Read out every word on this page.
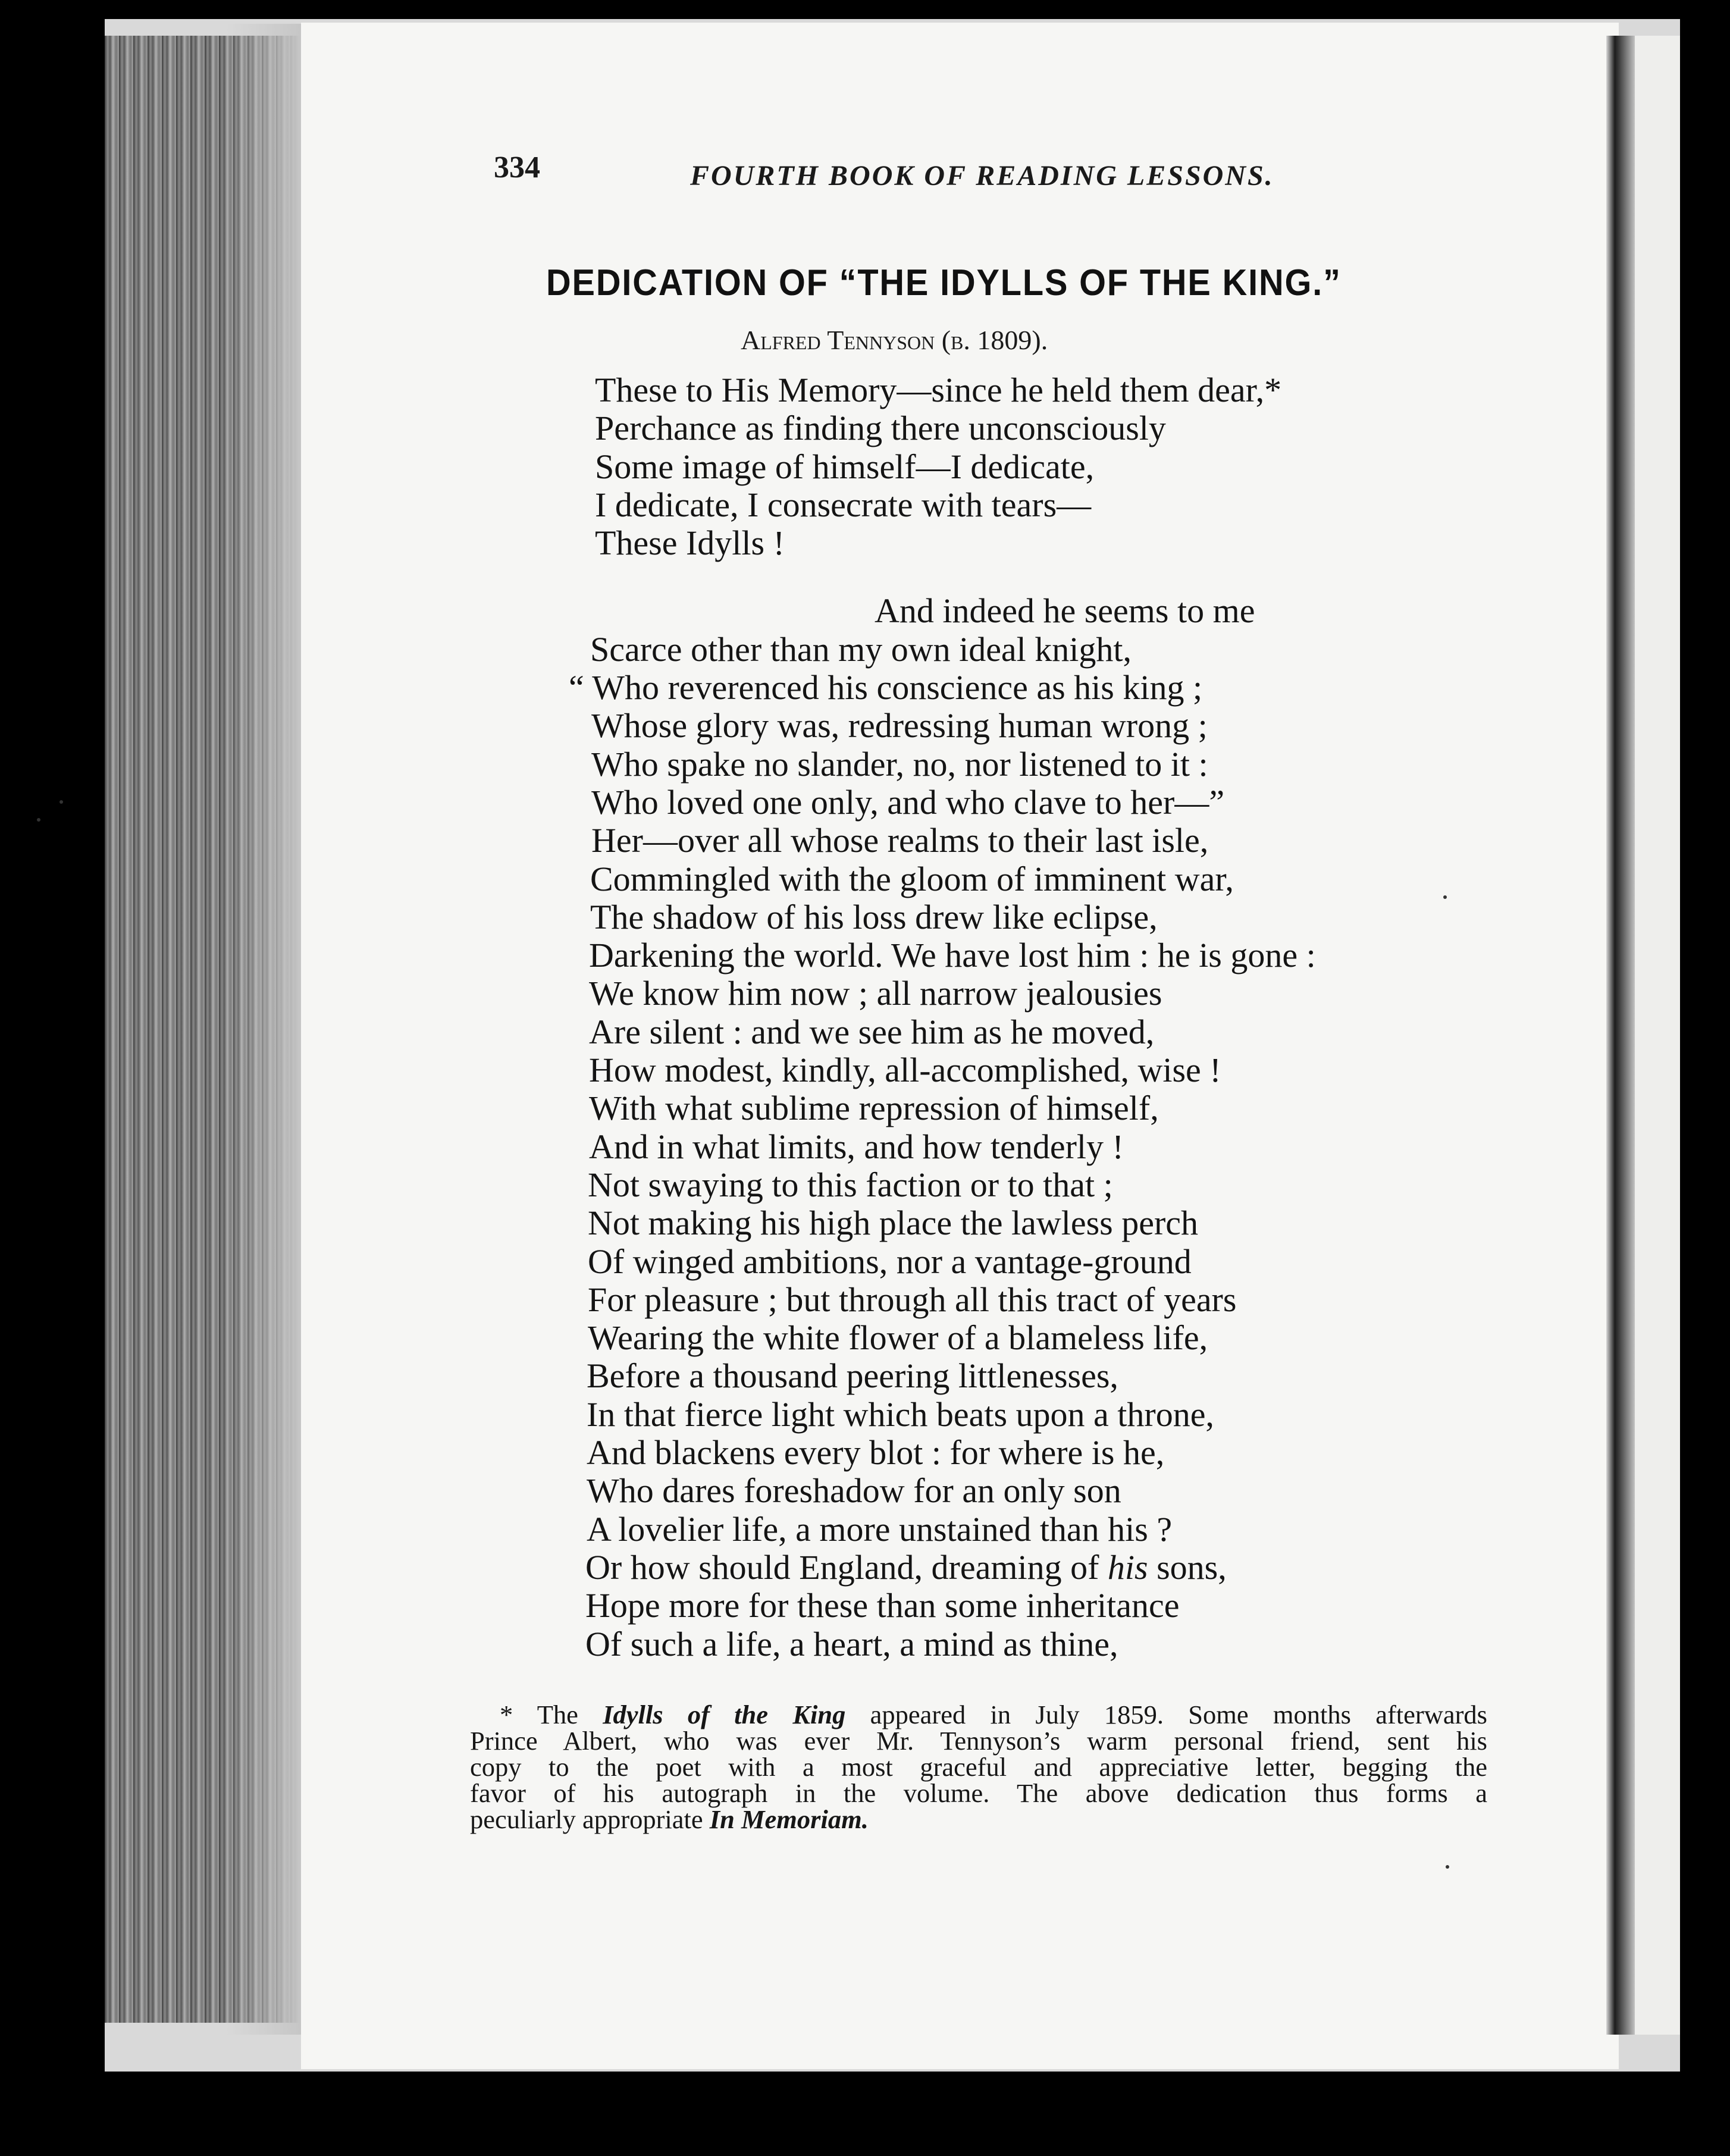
334	FOURTH BOOK OF READING LESSONS.
DEDICATION OF “THE IDYLLS OF THE KING.”

Alfred Tennyson (b. 1809).

These to His Memory—since he held them dear,*
Perchance as finding there unconsciously
Some image of himself—I dedicate,
I dedicate, I consecrate with tears—
These Idylls !
And indeed he seems to me
Scarce other than my own ideal knight,
“ Who reverenced his conscience as his king ;
Whose glory was, redressing human wrong ;
Who spake no slander, no, nor listened to it :
Who loved one only, and who clave to her—”
Her—over all whose realms to their last isle,
Commingled with the gloom of imminent war,
The shadow of his loss drew like eclipse,
Darkening the world. We have lost him : he is gone :
We know him now ; all narrow jealousies
Are silent : and we see him as he moved,
How modest, kindly, all-accomplished, wise !
With what sublime repression of himself,
And in what limits, and how tenderly !
Not swaying to this faction or to that ;
Not making his high place the lawless perch
Of winged ambitions, nor a vantage-ground
For pleasure ; but through all this tract of years
Wearing the white flower of a blameless life,
Before a thousand peering littlenesses,
In that fierce light which beats upon a throne,
And blackens every blot : for where is he,
Who dares foreshadow for an only son
A lovelier life, a more unstained than his ?
Or how should England, dreaming of his sons,
Hope more for these than some inheritance
Of such a life, a heart, a mind as thine,
* The Idylls of the King appeared in July 1859. Some months afterwards
Prince Albert, who was ever Mr. Tennyson’s warm personal friend, sent his
copy to the poet with a most graceful and appreciative letter, begging the
favor of his autograph in the volume. The above dedication thus forms a
peculiarly appropriate In Memoriam.
